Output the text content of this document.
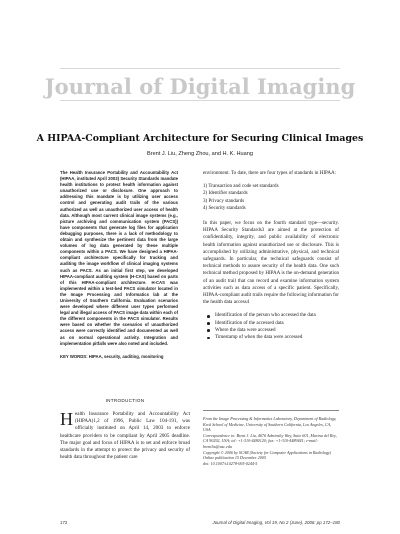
Journal of Digital Imaging
A HIPAA-Compliant Architecture for Securing Clinical Images
Brent J. Liu, Zheng Zhou, and H. K. Huang
The Health Insurance Portability and Accountability Act (HIPAA, instituted April 2003) Security Standards mandate health institutions to protect health information against unauthorized use or disclosure. One approach to addressing this mandate is by utilizing user access control and generating audit trails of the various authorized as well as unauthorized user access of health data. Although most current clinical image systems (e.g., picture archiving and communication system (PACS)) have components that generate log files for application debugging purposes, there is a lack of methodology to obtain and synthesize the pertinent data from the large volumes of log data generated by these multiple components within a PACS. We have designed a HIPAA-compliant architecture specifically for tracking and auditing the image workflow of clinical imaging systems such as PACS. As an initial first step, we developed HIPAA-compliant auditing system (H-CAS) based on parts of this HIPAA-compliant architecture. H-CAS was implemented within a test-bed PACS simulator located in the Image Processing and Informatics lab at the University of Southern California. Evaluation scenarios were developed where different user types performed legal and illegal access of PACS image data within each of the different components in the PACS simulator. Results were based on whether the scenarios of unauthorized access were correctly identified and documented as well as on normal operational activity. Integration and implementation pitfalls were also noted and included.
KEY WORDS: HIPAA, security, auditing, monitoring
INTRODUCTION
H ealth Insurance Portability and Accountability Act (HIPAA)1,2 of 1996, Public Law 104-191, was officially instituted on April 14, 2003 to enforce healthcare providers to be compliant by April 2005 deadline. The major goal and focus of HIPAA is to set and enforce broad standards in the attempt to protect the privacy and security of health data throughout the patient care

environment. To date, there are four types of standards in HIPAA:

1) Transaction and code set standards
2) Identifier standards
3) Privacy standards
4) Security standards

In this paper, we focus on the fourth standard type—security. HIPAA Security Standards3 are aimed at the protection of confidentiality, integrity, and public availability of electronic health information against unauthorized use or disclosure. This is accomplished by utilizing administrative, physical, and technical safeguards. In particular, the technical safeguards consist of technical methods to assure security of the health data. One such technical method proposed by HIPAA is the on-demand generation of an audit trail that can record and examine information system activities such as data access of a specific patient. Specifically, HIPAA-compliant audit trails require the following information for the health data access4

Identification of the person who accessed the data
Identification of the accessed data
Where the data were accessed
Timestamp of when the data were accessed

From the Image Processing & Informatics Laboratory, Department of Radiology, Keck School of Medicine, University of Southern California, Los Angeles, CA, USA.

Correspondence to: Brent J. Liu, 4676 Admiralty Way, Suite 601, Marina del Rey, CA 90292, USA; tel: +1-310-4480120; fax: +1-310-4489441; e-mail: brentliu@usc.edu

Copyright © 2006 by SCAR (Society for Computer Applications in Radiology)

Online publication 15 December 2005

doi: 10.1007/s10278-005-0244-5

172	Journal of Digital Imaging, Vol 19, No 2 (June), 2006: pp 172–180
